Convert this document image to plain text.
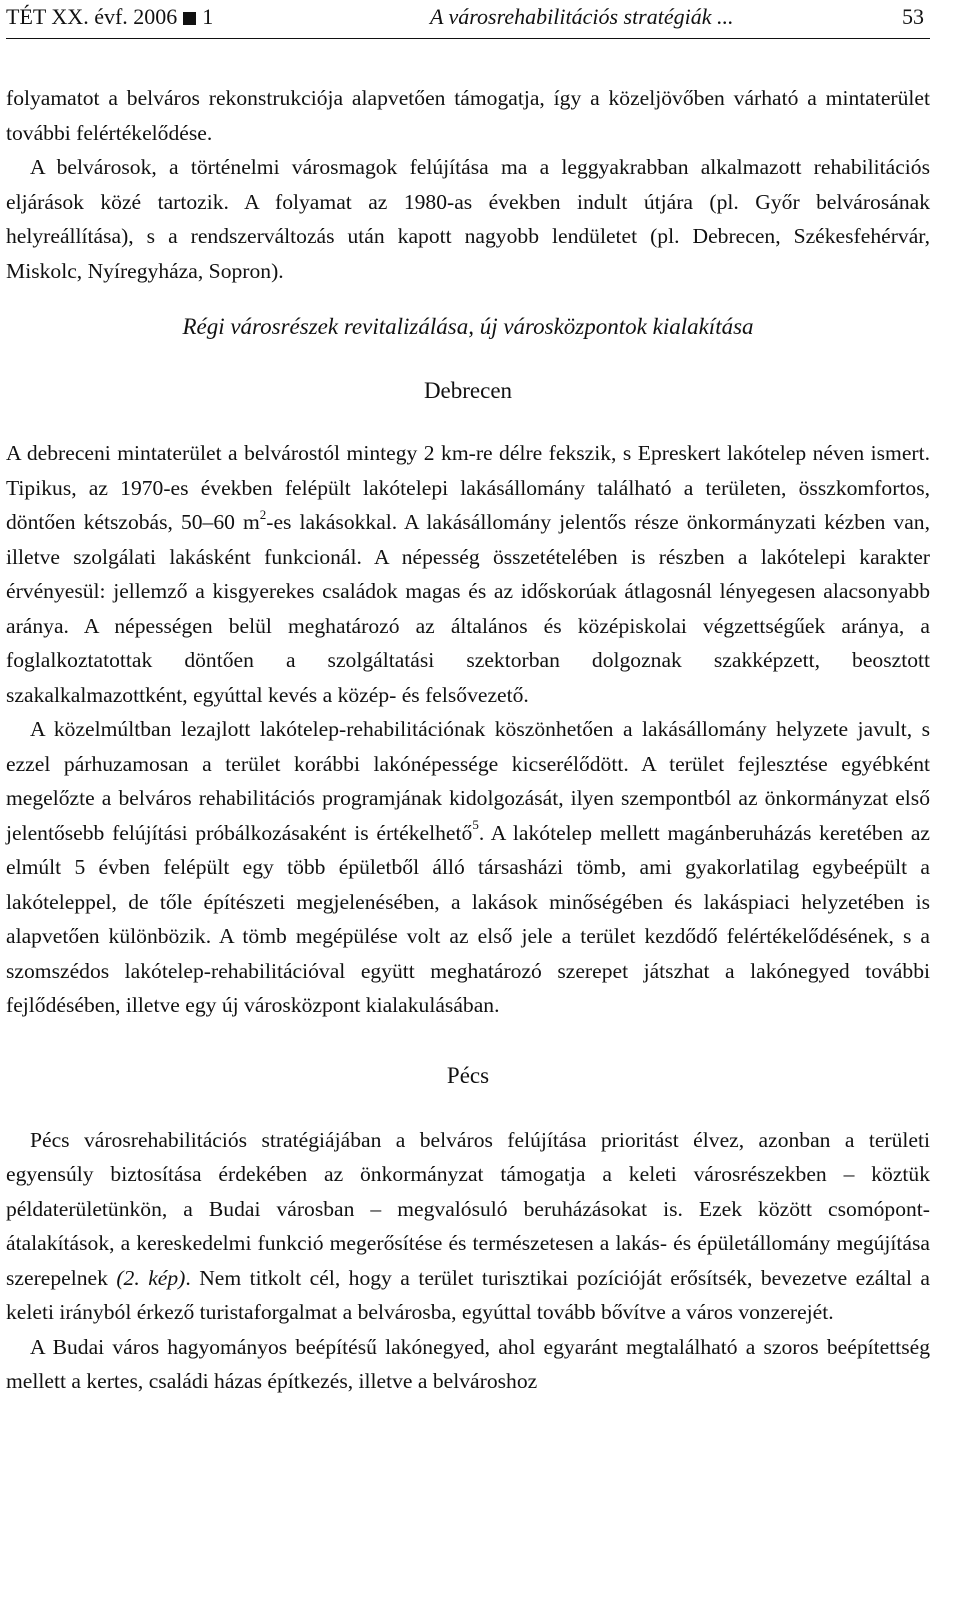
TÉT XX. évf. 2006 1	A városrehabilitációs stratégiák ...	53

folyamatot a belváros rekonstrukciója alapvetően támogatja, így a közeljövőben várható a mintaterület további felértékelődése.

A belvárosok, a történelmi városmagok felújítása ma a leggyakrabban alkalmazott rehabilitációs eljárások közé tartozik. A folyamat az 1980-as években indult útjára (pl. Győr belvárosának helyreállítása), s a rendszerváltozás után kapott nagyobb lendületet (pl. Debrecen, Székesfehérvár, Miskolc, Nyíregyháza, Sopron).

Régi városrészek revitalizálása, új városközpontok kialakítása

Debrecen

A debreceni mintaterület a belvárostól mintegy 2 km-re délre fekszik, s Epreskert lakótelep néven ismert. Tipikus, az 1970-es években felépült lakótelepi lakásállomány található a területen, összkomfortos, döntően kétszobás, 50–60 $m^2-es$ lakásokkal. A lakásállomány jelentős része önkormányzati kézben van, illetve szolgálati lakásként funkcionál. A népesség összetételében is részben a lakótelepi karakter érvényesül: jellemző a kisgyerekes családok magas és az időskorúak átlagosnál lényegesen alacsonyabb aránya. A népességen belül meghatározó az általános és középiskolai végzettségűek aránya, a foglalkoztatottak döntően a szolgáltatási szektorban dolgoznak szakképzett, beosztott szakalkalmazottként, egyúttal kevés a közép- és felsővezető.

A közelmúltban lezajlott lakótelep-rehabilitációnak köszönhetően a lakásállomány helyzete javult, s ezzel párhuzamosan a terület korábbi lakónépessége kicserélődött. A terület fejlesztése egyébként megelőzte a belváros rehabilitációs programjának kidolgozását, ilyen szempontból az önkormányzat első jelentősebb felújítási próbálkozásaként is értékelhető$^5$. A lakótelep mellett magánberuházás keretében az elmúlt 5 évben felépült egy több épületből álló társasházi tömb, ami gyakorlatilag egybeépült a lakóteleppel, de tőle építészeti megjelenésében, a lakások minőségében és lakáspiaci helyzetében is alapvetően különbözik. A tömb megépülése volt az első jele a terület kezdődő felértékelődésének, s a szomszédos lakótelep-rehabilitációval együtt meghatározó szerepet játszhat a lakónegyed további fejlődésében, illetve egy új városközpont kialakulásában.

Pécs

Pécs városrehabilitációs stratégiájában a belváros felújítása prioritást élvez, azonban a területi egyensúly biztosítása érdekében az önkormányzat támogatja a keleti városrészekben – köztük példaterületünkön, a Budai városban – megvalósuló beruházásokat is. Ezek között csomópont-átalakítások, a kereskedelmi funkció megerősítése és természetesen a lakás- és épületállomány megújítása szerepelnek (2. kép). Nem titkolt cél, hogy a terület turisztikai pozícióját erősítsék, bevezetve ezáltal a keleti irányból érkező turistaforgalmat a belvárosba, egyúttal tovább bővítve a város vonzerejét.

A Budai város hagyományos beépítésű lakónegyed, ahol egyaránt megtalálható a szoros beépítettség mellett a kertes, családi házas építkezés, illetve a belvároshoz
